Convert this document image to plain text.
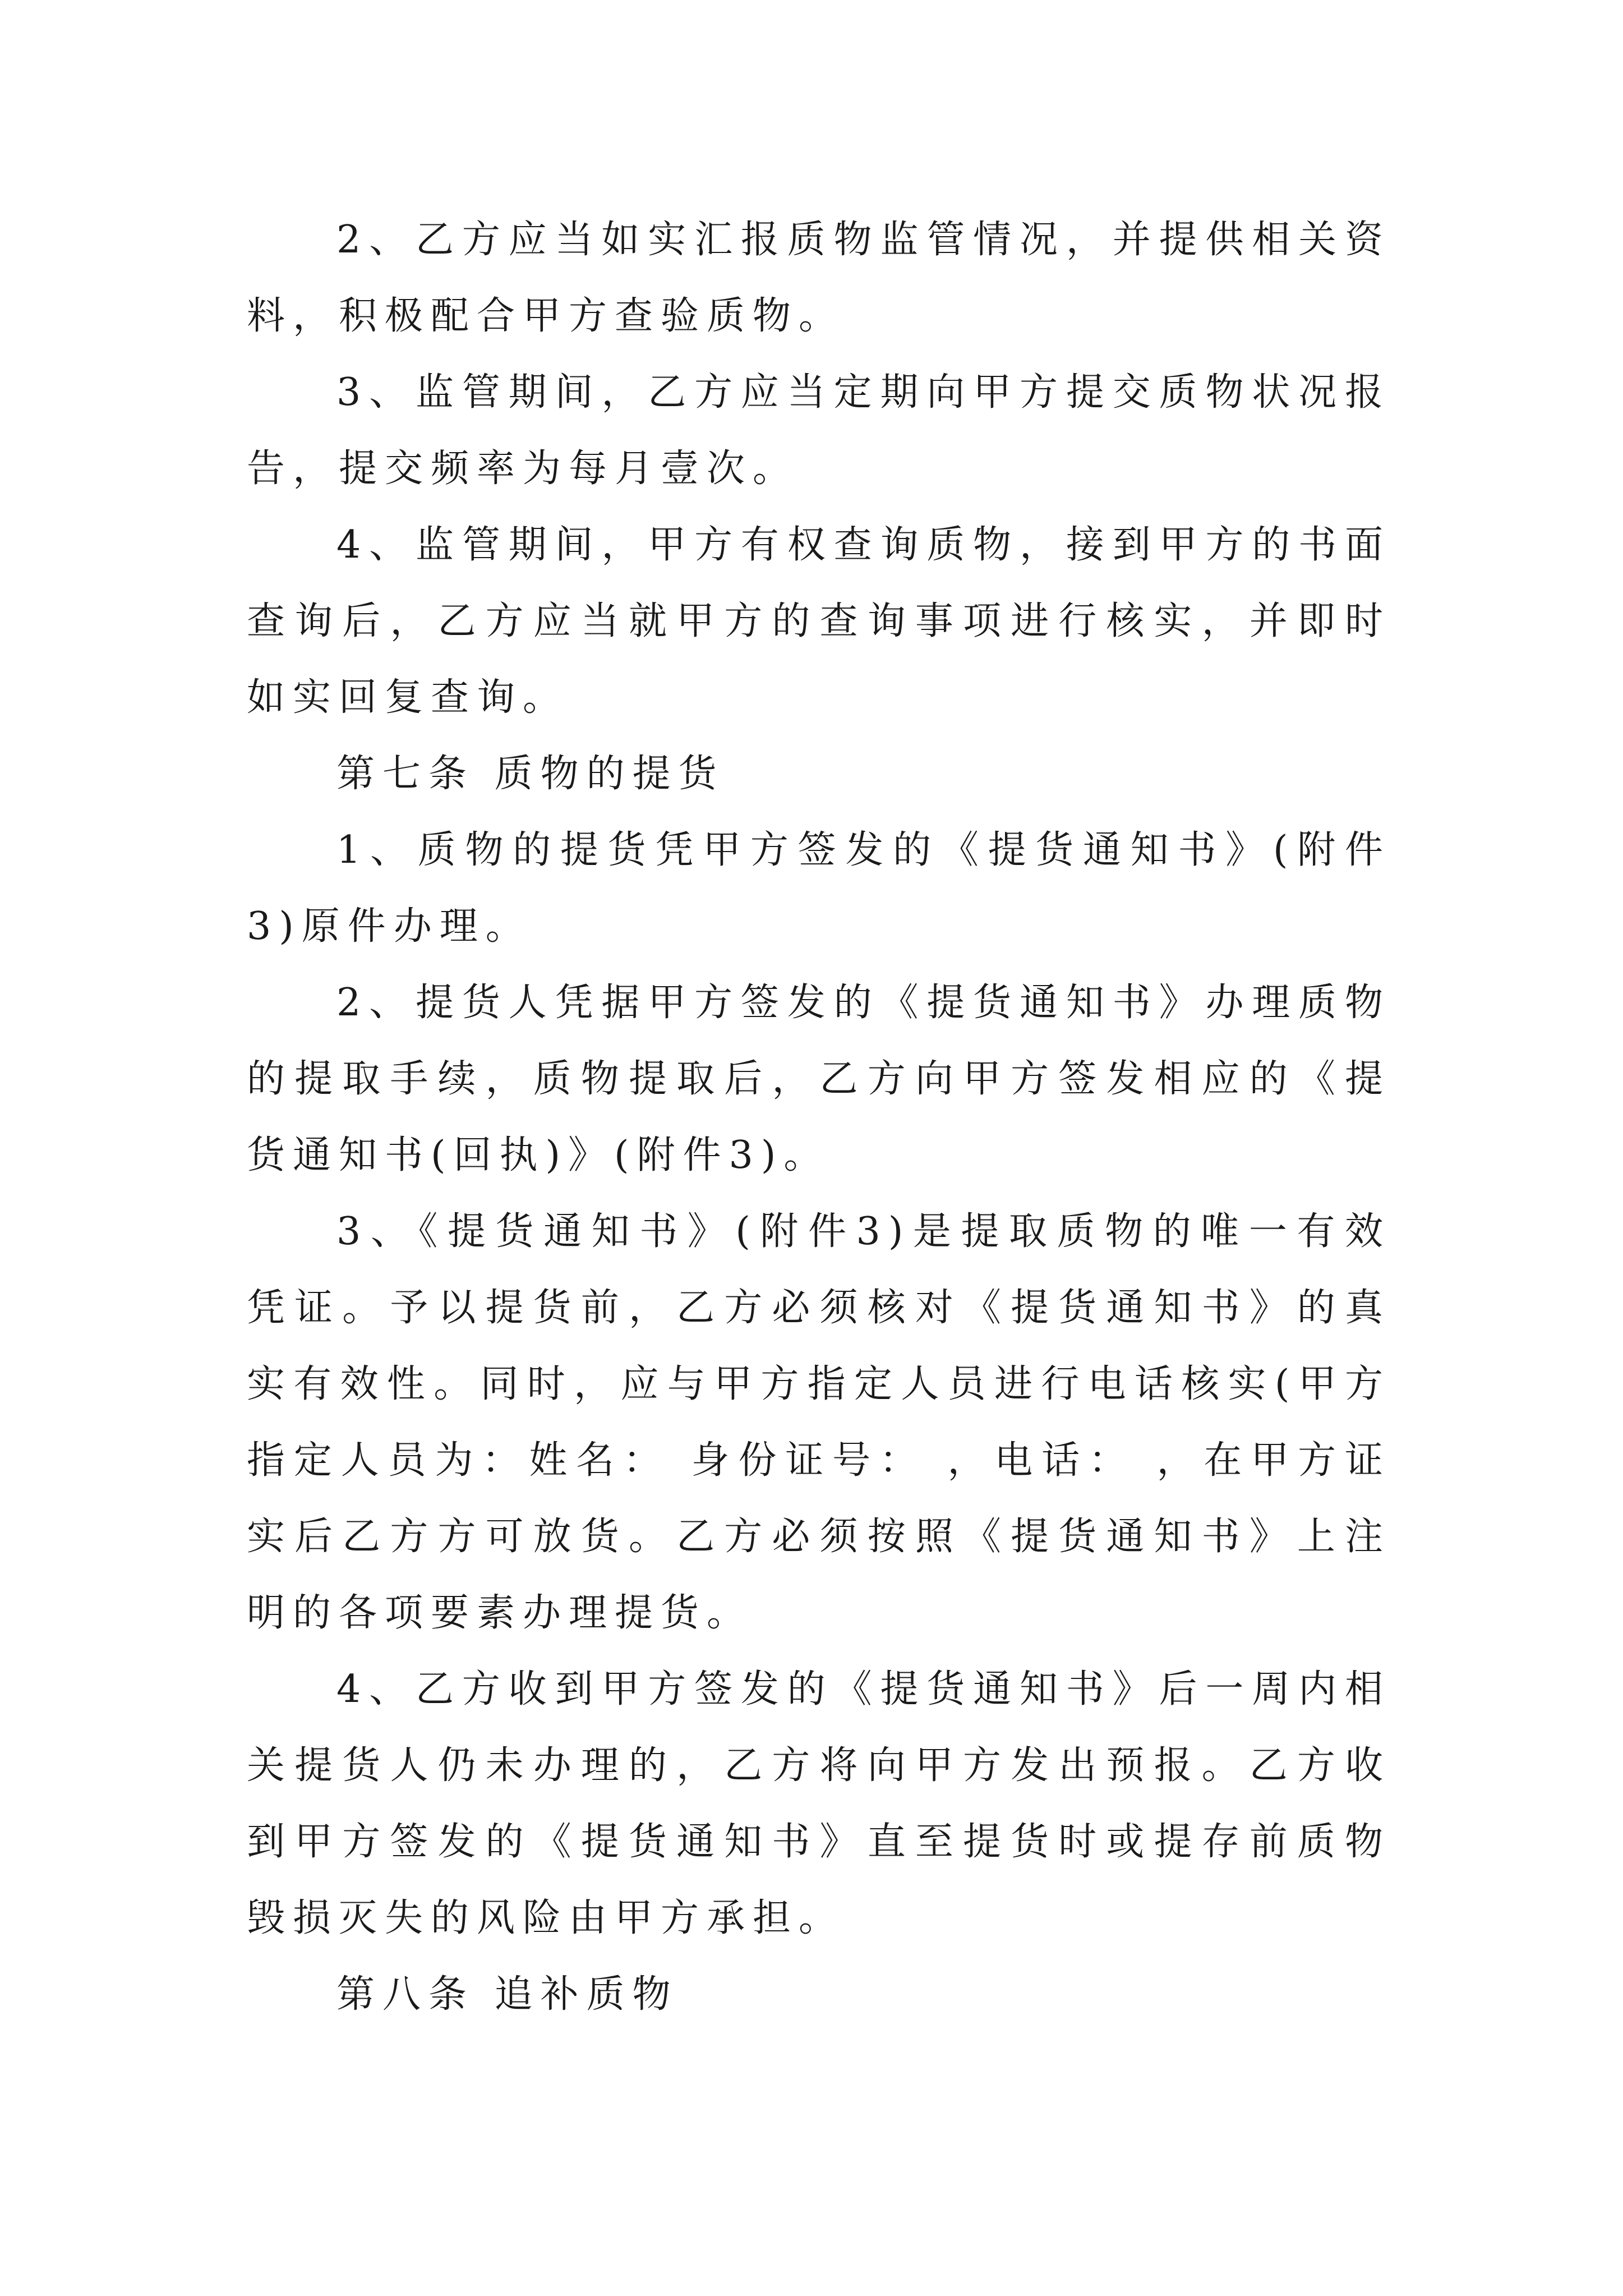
2、乙方应当如实汇报质物监管情况，并提供相关资料，积极配合甲方查验质物。

3、监管期间，乙方应当定期向甲方提交质物状况报告，提交频率为每月壹次。

4、监管期间，甲方有权查询质物，接到甲方的书面查询后，乙方应当就甲方的查询事项进行核实，并即时如实回复查询。

第七条 质物的提货

1、质物的提货凭甲方签发的《提货通知书》(附件3)原件办理。

2、提货人凭据甲方签发的《提货通知书》办理质物的提取手续，质物提取后，乙方向甲方签发相应的《提货通知书(回执)》(附件3)。

3、《提货通知书》(附件3)是提取质物的唯一有效凭证。予以提货前，乙方必须核对《提货通知书》的真实有效性。同时，应与甲方指定人员进行电话核实(甲方指定人员为：姓名： 身份证号： ，电话： ，在甲方证实后乙方方可放货。乙方必须按照《提货通知书》上注明的各项要素办理提货。

4、乙方收到甲方签发的《提货通知书》后一周内相关提货人仍未办理的，乙方将向甲方发出预报。乙方收到甲方签发的《提货通知书》直至提货时或提存前质物毁损灭失的风险由甲方承担。

第八条 追补质物
